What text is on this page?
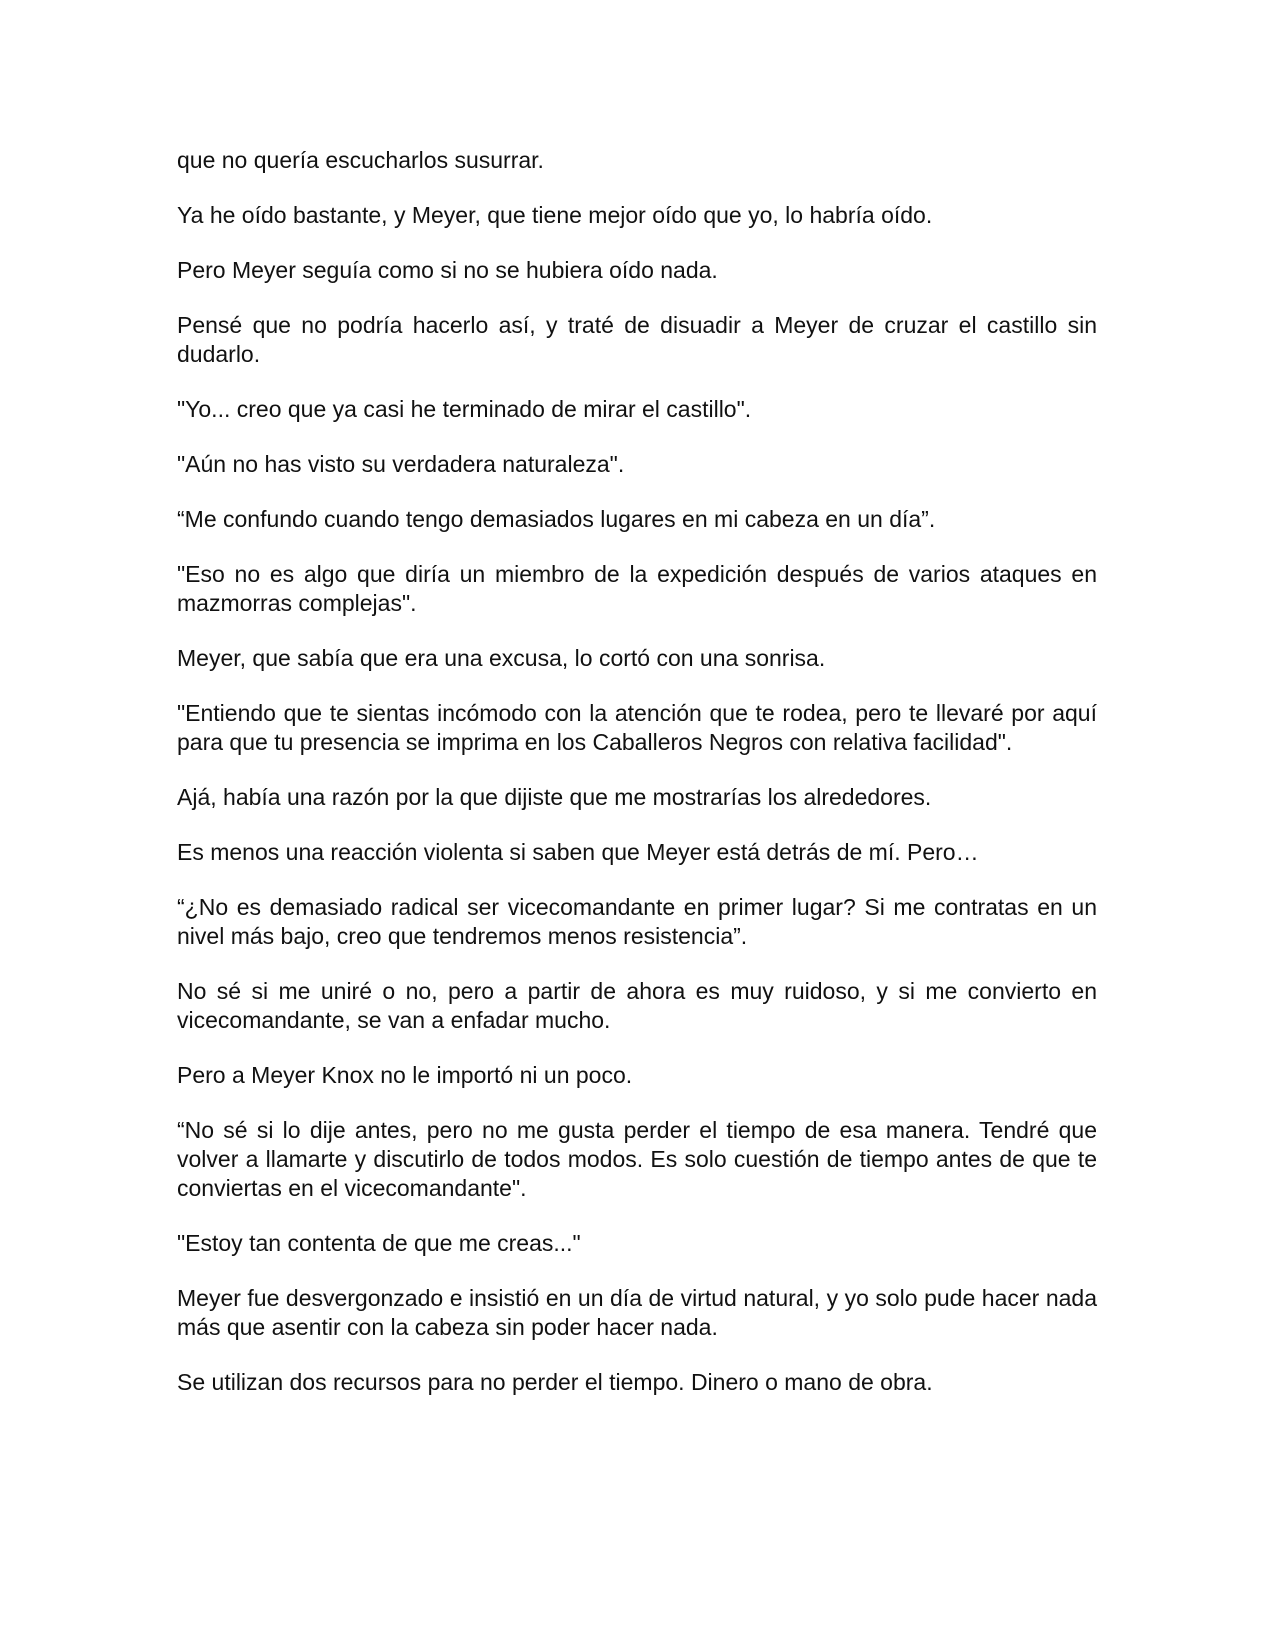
que no quería escucharlos susurrar.

Ya he oído bastante, y Meyer, que tiene mejor oído que yo, lo habría oído.

Pero Meyer seguía como si no se hubiera oído nada.

Pensé que no podría hacerlo así, y traté de disuadir a Meyer de cruzar el castillo sin dudarlo.

"Yo... creo que ya casi he terminado de mirar el castillo".

"Aún no has visto su verdadera naturaleza".

“Me confundo cuando tengo demasiados lugares en mi cabeza en un día”.

"Eso no es algo que diría un miembro de la expedición después de varios ataques en mazmorras complejas".

Meyer, que sabía que era una excusa, lo cortó con una sonrisa.

"Entiendo que te sientas incómodo con la atención que te rodea, pero te llevaré por aquí para que tu presencia se imprima en los Caballeros Negros con relativa facilidad".

Ajá, había una razón por la que dijiste que me mostrarías los alrededores.

Es menos una reacción violenta si saben que Meyer está detrás de mí. Pero…

“¿No es demasiado radical ser vicecomandante en primer lugar? Si me contratas en un nivel más bajo, creo que tendremos menos resistencia”.

No sé si me uniré o no, pero a partir de ahora es muy ruidoso, y si me convierto en vicecomandante, se van a enfadar mucho.

Pero a Meyer Knox no le importó ni un poco.

“No sé si lo dije antes, pero no me gusta perder el tiempo de esa manera. Tendré que volver a llamarte y discutirlo de todos modos. Es solo cuestión de tiempo antes de que te conviertas en el vicecomandante".

"Estoy tan contenta de que me creas..."

Meyer fue desvergonzado e insistió en un día de virtud natural, y yo solo pude hacer nada más que asentir con la cabeza sin poder hacer nada.

Se utilizan dos recursos para no perder el tiempo. Dinero o mano de obra.
